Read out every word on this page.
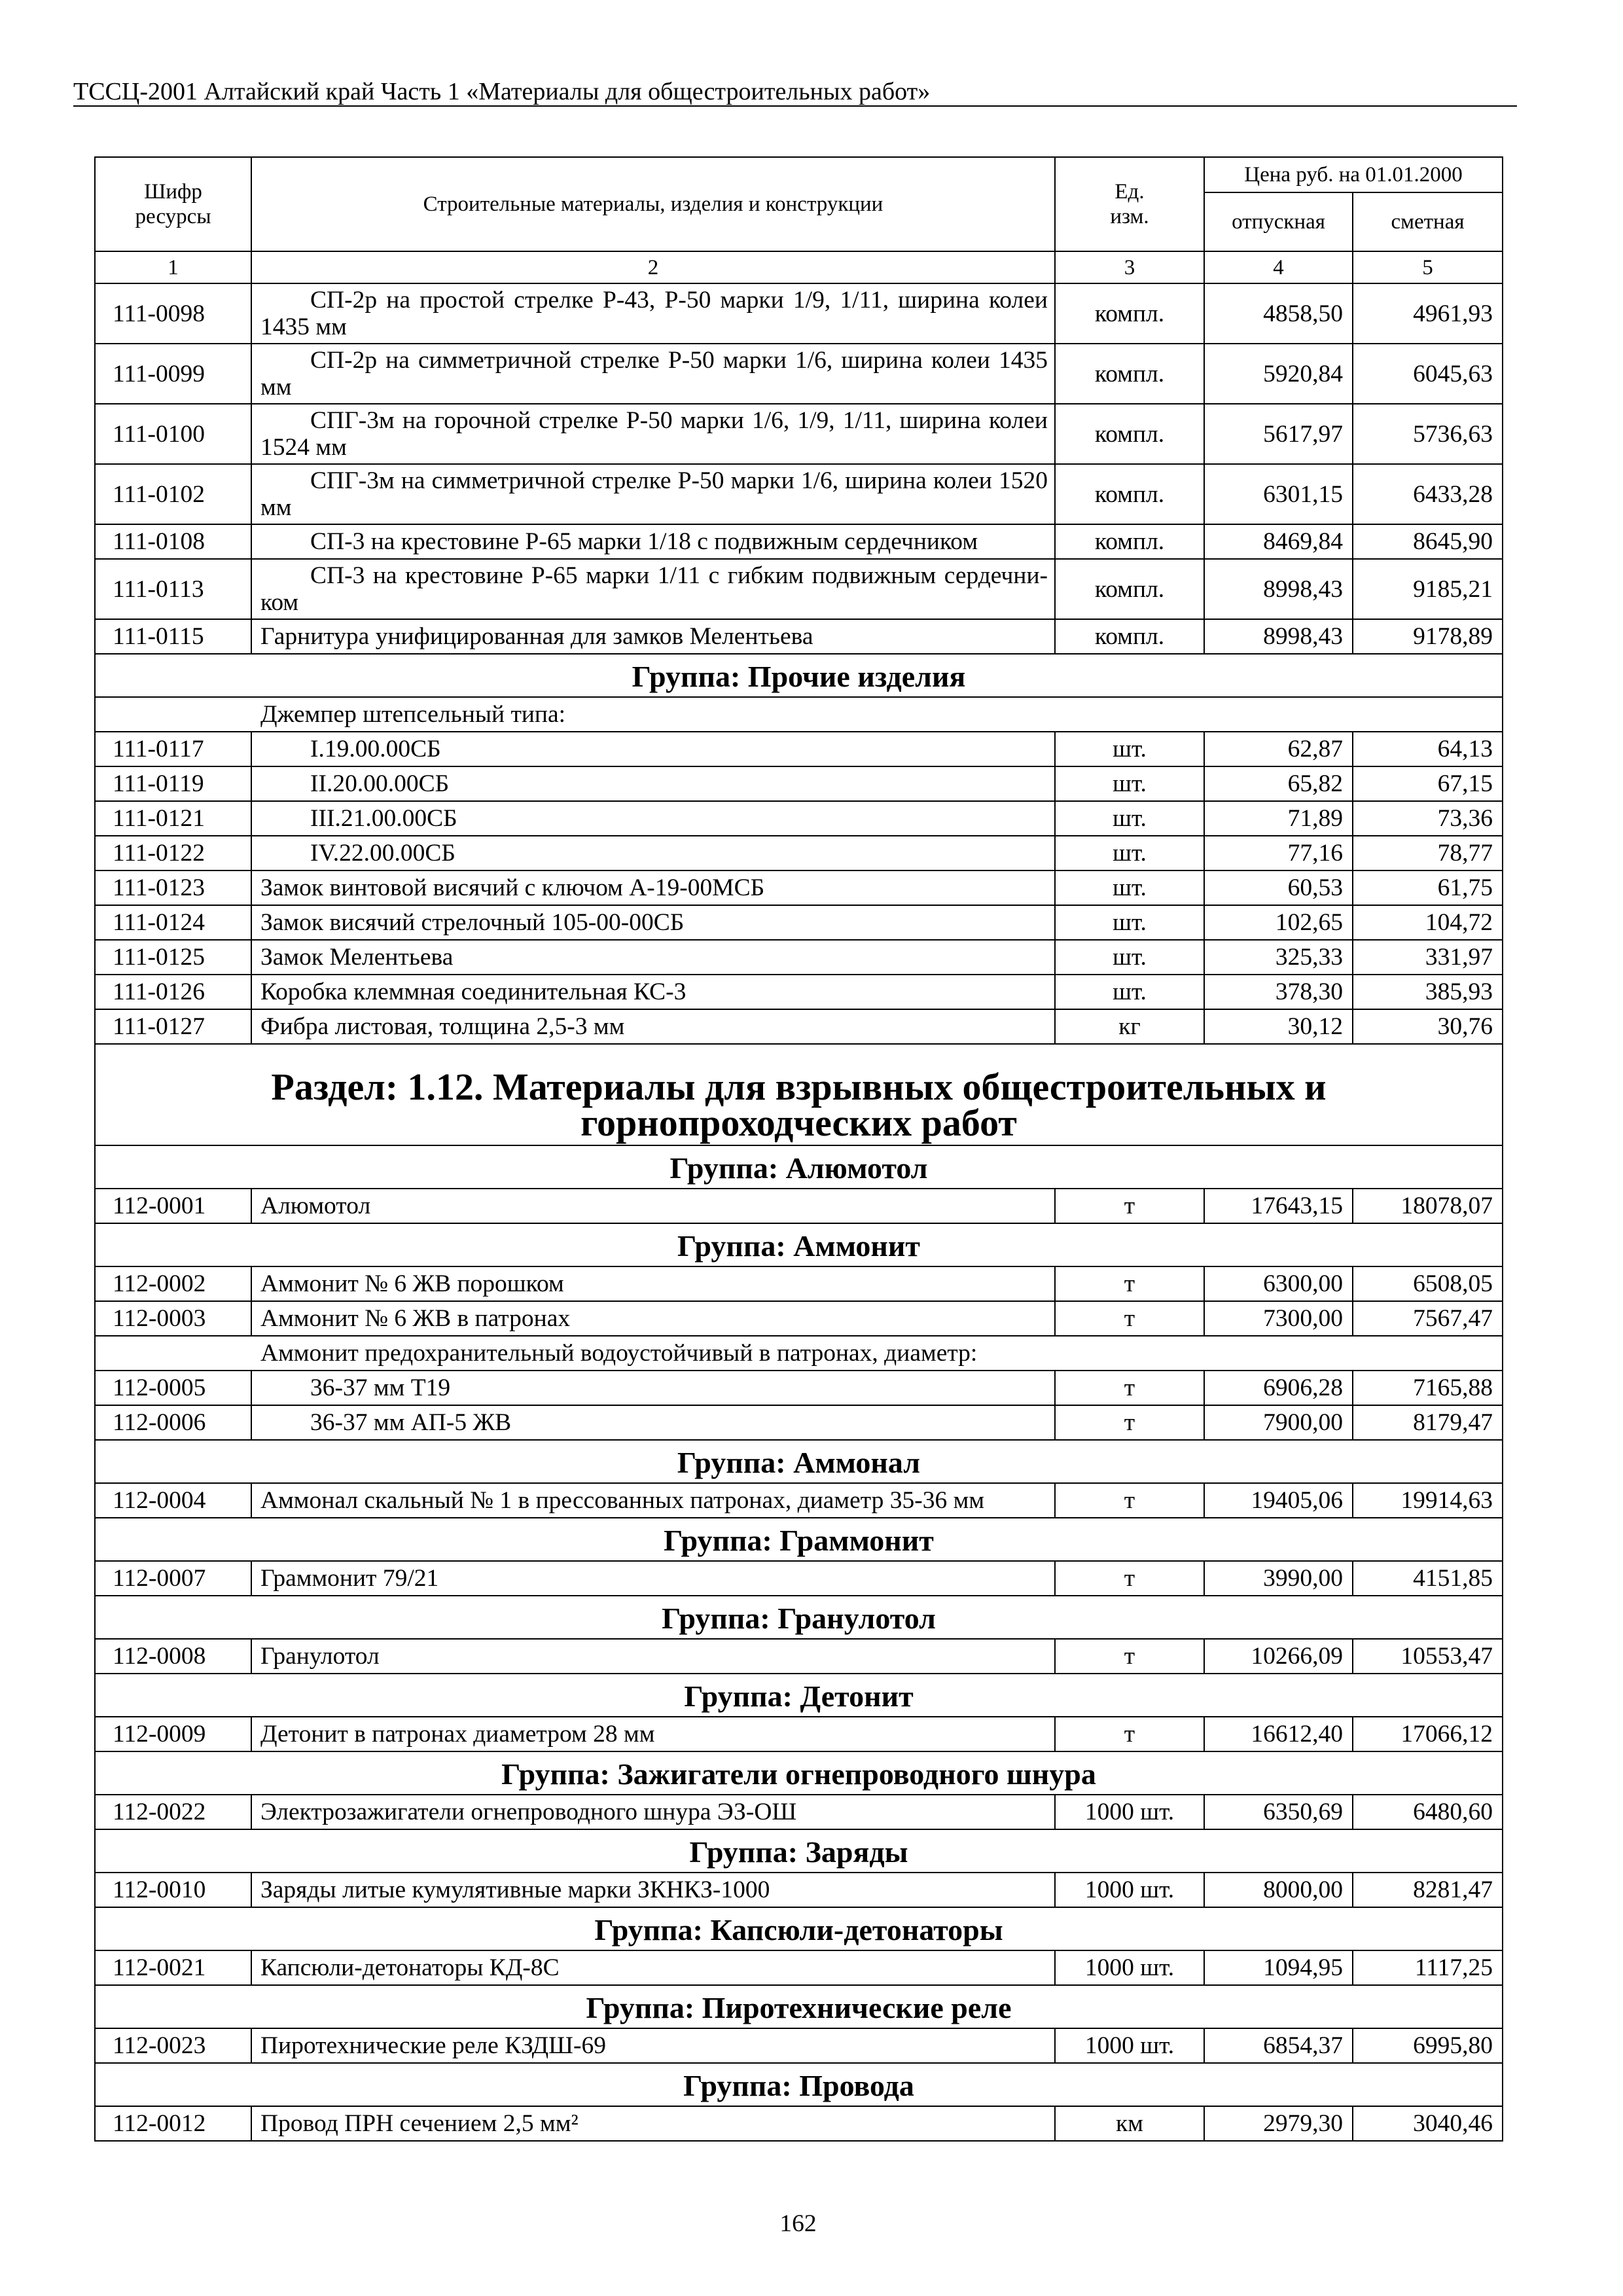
ТССЦ-2001 Алтайский край Часть 1 «Материалы для общестроительных работ»
Шифр
ресурсы	Строительные материалы, изделия и конструкции	Ед.
изм.	Цена руб. на 01.01.2000	
			отпускная	сметная
1	2	3	4	5
111-0098	СП-2р на простой стрелке Р-43, Р-50 марки 1/9, 1/11, ширина колеи
1435 мм	компл.	4858,50	4961,93
111-0099	СП-2р на симметричной стрелке Р-50 марки 1/6, ширина колеи 1435
мм	компл.	5920,84	6045,63
111-0100	СПГ-3м на горочной стрелке Р-50 марки 1/6, 1/9, 1/11, ширина колеи
1524 мм	компл.	5617,97	5736,63
111-0102	СПГ-3м на симметричной стрелке Р-50 марки 1/6, ширина колеи 1520
мм	компл.	6301,15	6433,28
111-0108	СП-3 на крестовине Р-65 марки 1/18 с подвижным сердечником	компл.	8469,84	8645,90
111-0113	СП-3 на крестовине Р-65 марки 1/11 с гибким подвижным сердечни-
ком	компл.	8998,43	9185,21
111-0115	Гарнитура унифицированная для замков Мелентьева	компл.	8998,43	9178,89
Группа: Прочие изделия				
Джемпер штепсельный типа:				
111-0117	I.19.00.00СБ	шт.	62,87	64,13
111-0119	II.20.00.00СБ	шт.	65,82	67,15
111-0121	III.21.00.00СБ	шт.	71,89	73,36
111-0122	IV.22.00.00СБ	шт.	77,16	78,77
111-0123	Замок винтовой висячий с ключом А-19-00МСБ	шт.	60,53	61,75
111-0124	Замок висячий стрелочный 105-00-00СБ	шт.	102,65	104,72
111-0125	Замок Мелентьева	шт.	325,33	331,97
111-0126	Коробка клеммная соединительная КС-3	шт.	378,30	385,93
111-0127	Фибра листовая, толщина 2,5-3 мм	кг	30,12	30,76

Раздел: 1.12. Материалы для взрывных общестроительных и
горнопроходческих работ				

Группа: Алюмотол				
112-0001	Алюмотол	т	17643,15	18078,07
Группа: Аммонит				
112-0002	Аммонит № 6 ЖВ порошком	т	6300,00	6508,05
112-0003	Аммонит № 6 ЖВ в патронах	т	7300,00	7567,47
Аммонит предохранительный водоустойчивый в патронах, диаметр:				
112-0005	36-37 мм Т19	т	6906,28	7165,88
112-0006	36-37 мм АП-5 ЖВ	т	7900,00	8179,47
Группа: Аммонал				
112-0004	Аммонал скальный № 1 в прессованных патронах, диаметр 35-36 мм	т	19405,06	19914,63
Группа: Граммонит				
112-0007	Граммонит 79/21	т	3990,00	4151,85
Группа: Гранулотол				
112-0008	Гранулотол	т	10266,09	10553,47
Группа: Детонит				
112-0009	Детонит в патронах диаметром 28 мм	т	16612,40	17066,12
Группа: Зажигатели огнепроводного шнура				
112-0022	Электрозажигатели огнепроводного шнура ЭЗ-ОШ	1000 шт.	6350,69	6480,60
Группа: Заряды				
112-0010	Заряды литые кумулятивные марки ЗКНКЗ-1000	1000 шт.	8000,00	8281,47
Группа: Капсюли-детонаторы				
112-0021	Капсюли-детонаторы КД-8С	1000 шт.	1094,95	1117,25
Группа: Пиротехнические реле				
112-0023	Пиротехнические реле КЗДШ-69	1000 шт.	6854,37	6995,80
Группа: Провода				
112-0012	Провод ПРН сечением 2,5 мм²	км	2979,30	3040,46
162
